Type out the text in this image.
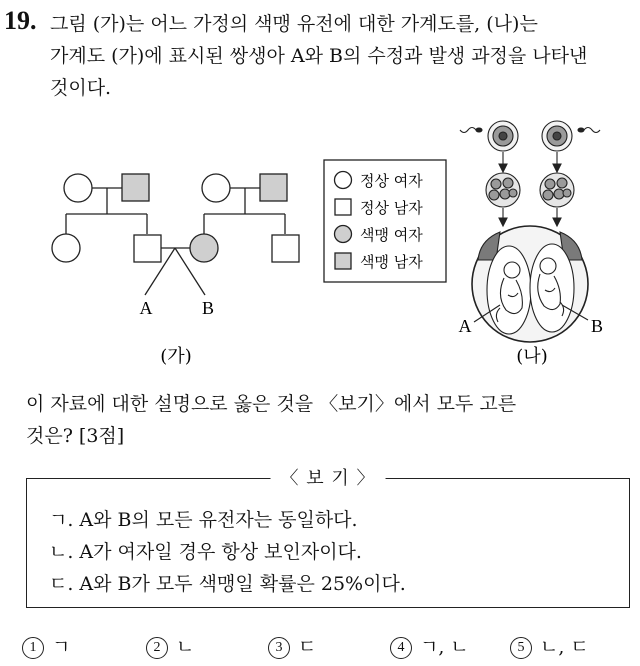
19. 그림 (가)는 어느 가정의 색맹 유전에 대한 가계도를, (나)는
가계도 (가)에 표시된 쌍생아 A와 B의 수정과 발생 과정을 나타낸
것이다.
A	B
(가)
정상 여자
정상 남자
색맹 여자
색맹 남자
A	B
(나)
이 자료에 대한 설명으로 옳은 것을 〈보기〉에서 모두 고른
것은? [3점]
〈 보 기 〉
ㄱ. A와 B의 모든 유전자는 동일하다.
ㄴ. A가 여자일 경우 항상 보인자이다.
ㄷ. A와 B가 모두 색맹일 확률은 25%이다.
1 ㄱ	2 ㄴ	3 ㄷ	4 ㄱ, ㄴ	5 ㄴ, ㄷ
